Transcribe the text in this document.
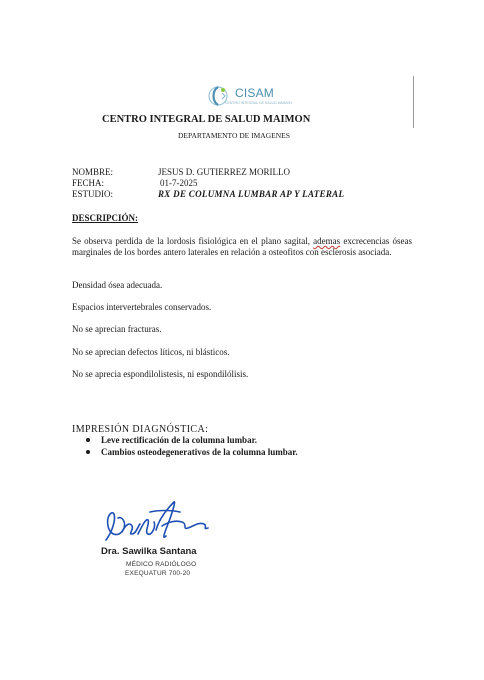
CISAM
CENTRO INTEGRAL DE SALUD MAIMON
CENTRO INTEGRAL DE SALUD MAIMON
DEPARTAMENTO DE IMAGENES
NOMBRE:	JESUS D. GUTIERREZ MORILLO
FECHA:	01-7-2025
ESTUDIO:	RX DE COLUMNA LUMBAR AP Y LATERAL
DESCRIPCIÓN:
Se observa perdida de la lordosis fisiológica en el plano sagital, ademas excrecencias óseas marginales de los bordes antero laterales en relación a osteofitos con esclerosis asociada.
Densidad ósea adecuada.
Espacios intervertebrales conservados.
No se aprecian fracturas.
No se aprecian defectos líticos, ni blásticos.
No se aprecia espondilolistesis, ni espondilólisis.
IMPRESIÓN DIAGNÓSTICA:
Leve rectificación de la columna lumbar.
Cambios osteodegenerativos de la columna lumbar.
Dra. Sawilka Santana
MÉDICO RADIÓLOGO
EXEQUATUR 700-20
